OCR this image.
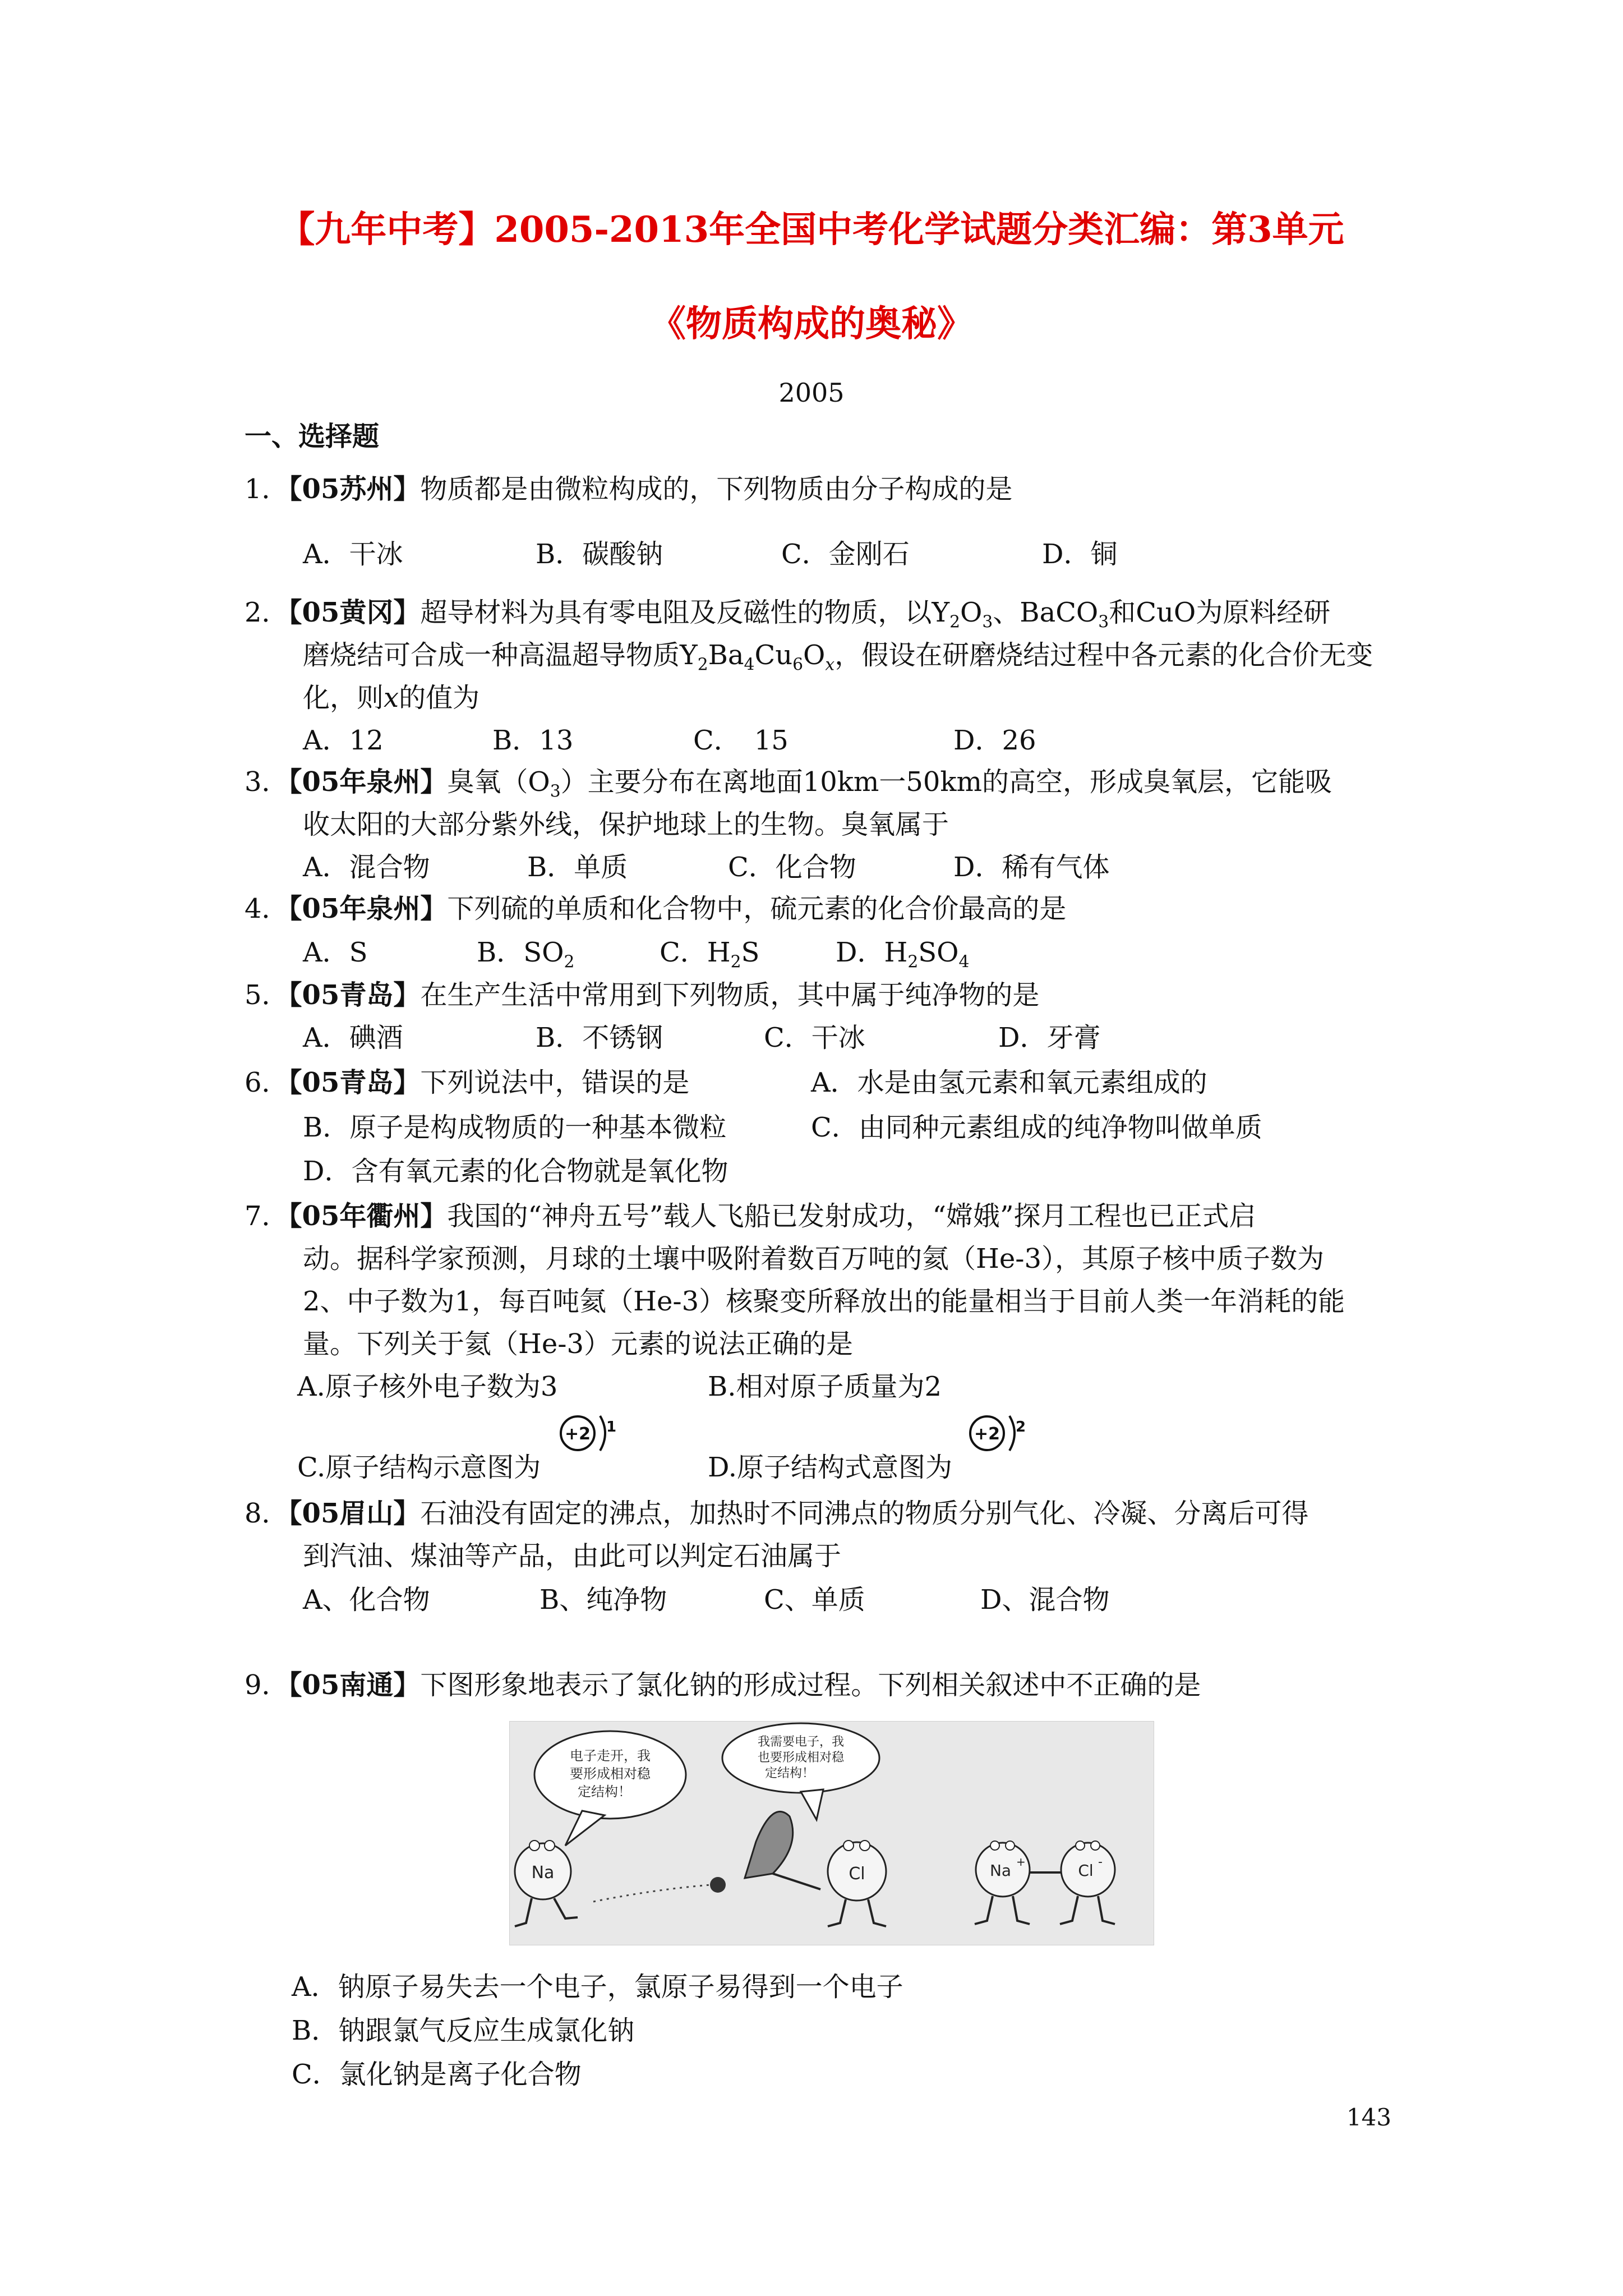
【九年中考】2005-2013年全国中考化学试题分类汇编：第3单元
《物质构成的奥秘》
2005
一、选择题
1．【05苏州】物质都是由微粒构成的，下列物质由分子构成的是
A．干冰	B．碳酸钠	C．金刚石	D．铜
2．【05黄冈】超导材料为具有零电阻及反磁性的物质，以$Y_2O_3$、BaCO$_3$和CuO为原料经研
磨烧结可合成一种高温超导物质$Y_2Ba_4Cu_6O_x$，假设在研磨烧结过程中各元素的化合价无变
化，则x的值为
A．12	B．13	C．　15	D．26
3．【05年泉州】臭氧$(O_3)$主要分布在离地面10km一50km的高空，形成臭氧层，它能吸
收太阳的大部分紫外线，保护地球上的生物。臭氧属于
A．混合物	B．单质	C．化合物	D．稀有气体
4．【05年泉州】下列硫的单质和化合物中，硫元素的化合价最高的是
A．S	B．$SO_2$	C．$H_2S$	D．$H_2SO_4$
5．【05青岛】在生产生活中常用到下列物质，其中属于纯净物的是
A．碘酒	B．不锈钢	C．干冰	D．牙膏
6．【05青岛】下列说法中，错误的是	A．水是由氢元素和氧元素组成的
B．原子是构成物质的一种基本微粒	C．由同种元素组成的纯净物叫做单质
D．含有氧元素的化合物就是氧化物
7．【05年衢州】我国的“神舟五号”载人飞船已发射成功，“嫦娥”探月工程也已正式启
动。据科学家预测，月球的土壤中吸附着数百万吨的氦（He-3），其原子核中质子数为
2、中子数为1，每百吨氦（He-3）核聚变所释放出的能量相当于目前人类一年消耗的能
量。下列关于氦（He-3）元素的说法正确的是
A.原子核外电子数为3	B.相对原子质量为2
C.原子结构示意图为
+2 1
D.原子结构式意图为
+2 2
8．【05眉山】石油没有固定的沸点，加热时不同沸点的物质分别气化、冷凝、分离后可得
到汽油、煤油等产品，由此可以判定石油属于
A、化合物	B、纯净物	C、单质	D、混合物
9．【05南通】下图形象地表示了氯化钠的形成过程。下列相关叙述中不正确的是
电子走开，我
要形成相对稳
定结构！
我需要电子，我
也要形成相对稳
定结构！
Na	Cl	Na +	Cl -
A．钠原子易失去一个电子，氯原子易得到一个电子
B．钠跟氯气反应生成氯化钠
C．氯化钠是离子化合物
143
